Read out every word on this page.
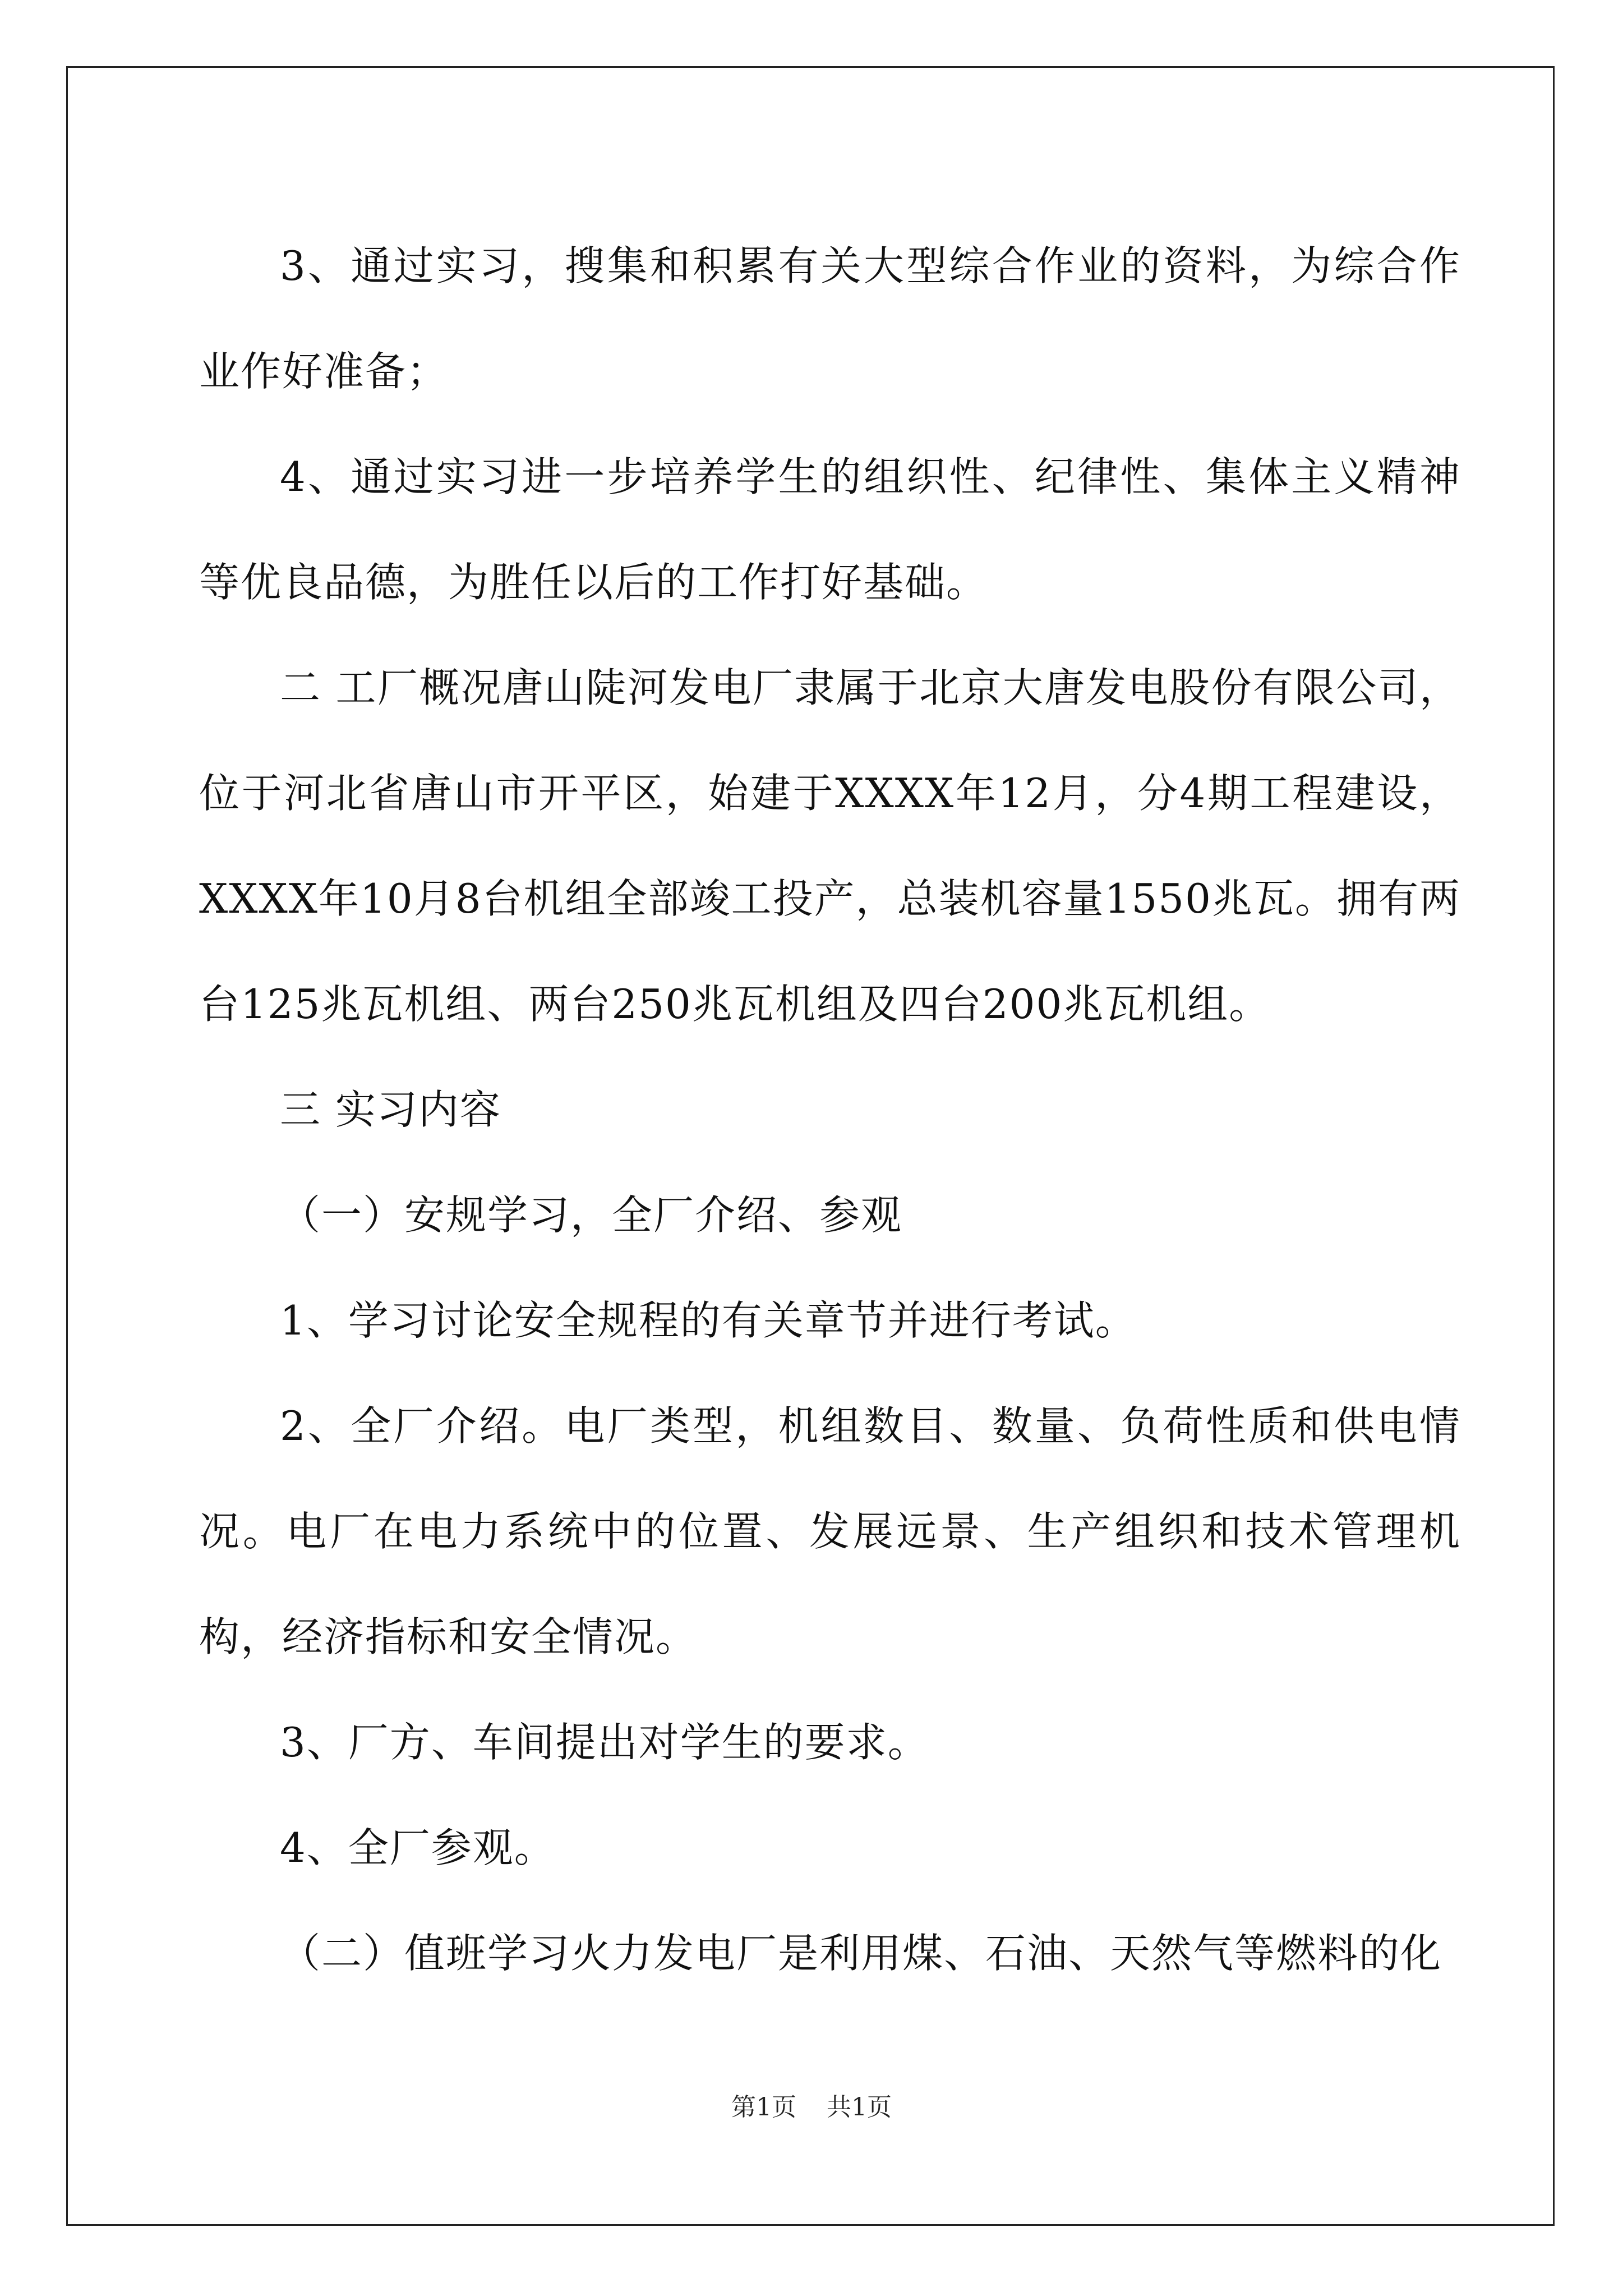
3、通过实习，搜集和积累有关大型综合作业的资料，为综合作业作好准备；

4、通过实习进一步培养学生的组织性、纪律性、集体主义精神等优良品德，为胜任以后的工作打好基础。

二 工厂概况唐山陡河发电厂隶属于北京大唐发电股份有限公司，位于河北省唐山市开平区，始建于XXXX年12月，分4期工程建设，XXXX年10月8台机组全部竣工投产，总装机容量1550兆瓦。拥有两台125兆瓦机组、两台250兆瓦机组及四台200兆瓦机组。

三 实习内容

（一）安规学习，全厂介绍、参观

1、学习讨论安全规程的有关章节并进行考试。

2、全厂介绍。电厂类型，机组数目、数量、负荷性质和供电情况。电厂在电力系统中的位置、发展远景、生产组织和技术管理机构，经济指标和安全情况。

3、厂方、车间提出对学生的要求。

4、全厂参观。

（二）值班学习火力发电厂是利用煤、石油、天然气等燃料的化

第1页 共1页
